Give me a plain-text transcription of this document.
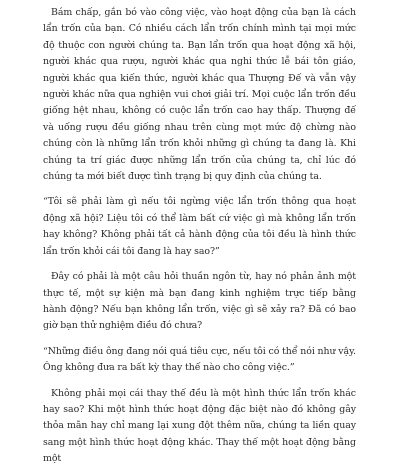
Bám chấp, gắn bó vào công việc, vào hoạt động của bạn là cách lẩn trốn của bạn. Có nhiều cách lẩn trốn chính mình tại mọi mức độ thuộc con người chúng ta. Bạn lẩn trốn qua hoạt động xã hội, người khác qua rượu, người khác qua nghi thức lễ bái tôn giáo, người khác qua kiến thức, người khác qua Thượng Đế và vẫn vậy người khác nữa qua nghiện vui chơi giải trí. Mọi cuộc lẩn trốn đều giống hệt nhau, không có cuộc lẩn trốn cao hay thấp. Thượng đế và uống rượu đều giống nhau trên cùng mọt mức độ chừng nào chúng còn là những lẩn trốn khỏi những gì chúng ta đang là. Khi chúng ta trí giác được những lẩn trốn của chúng ta, chỉ lúc đó chúng ta mới biết được tình trạng bị quy định của chúng ta.

“Tôi sẽ phải làm gì nếu tôi ngừng việc lẩn trốn thông qua hoạt động xã hội? Liệu tôi có thể làm bất cứ việc gì mà không lẩn trốn hay không? Không phải tất cả hành động của tôi đều là hình thức lẩn trốn khỏi cái tôi đang là hay sao?”

Đây có phải là một câu hỏi thuần ngôn từ, hay nó phản ảnh một thực tế, một sự kiện mà bạn đang kinh nghiệm trực tiếp bằng hành động? Nếu bạn không lẩn trốn, việc gì sẽ xảy ra? Đã có bao giờ bạn thử nghiệm điều đó chưa?

“Những điều ông đang nói quá tiêu cực, nếu tôi có thể nói như vậy. Ông không đưa ra bất kỳ thay thế nào cho công việc.”

Không phải mọi cái thay thế đều là một hình thức lẩn trốn khác hay sao? Khi một hình thức hoạt động đặc biệt nào đó không gây thỏa mãn hay chỉ mang lại xung đột thêm nữa, chúng ta liền quay sang một hình thức hoạt động khác. Thay thế một hoạt động bằng một
